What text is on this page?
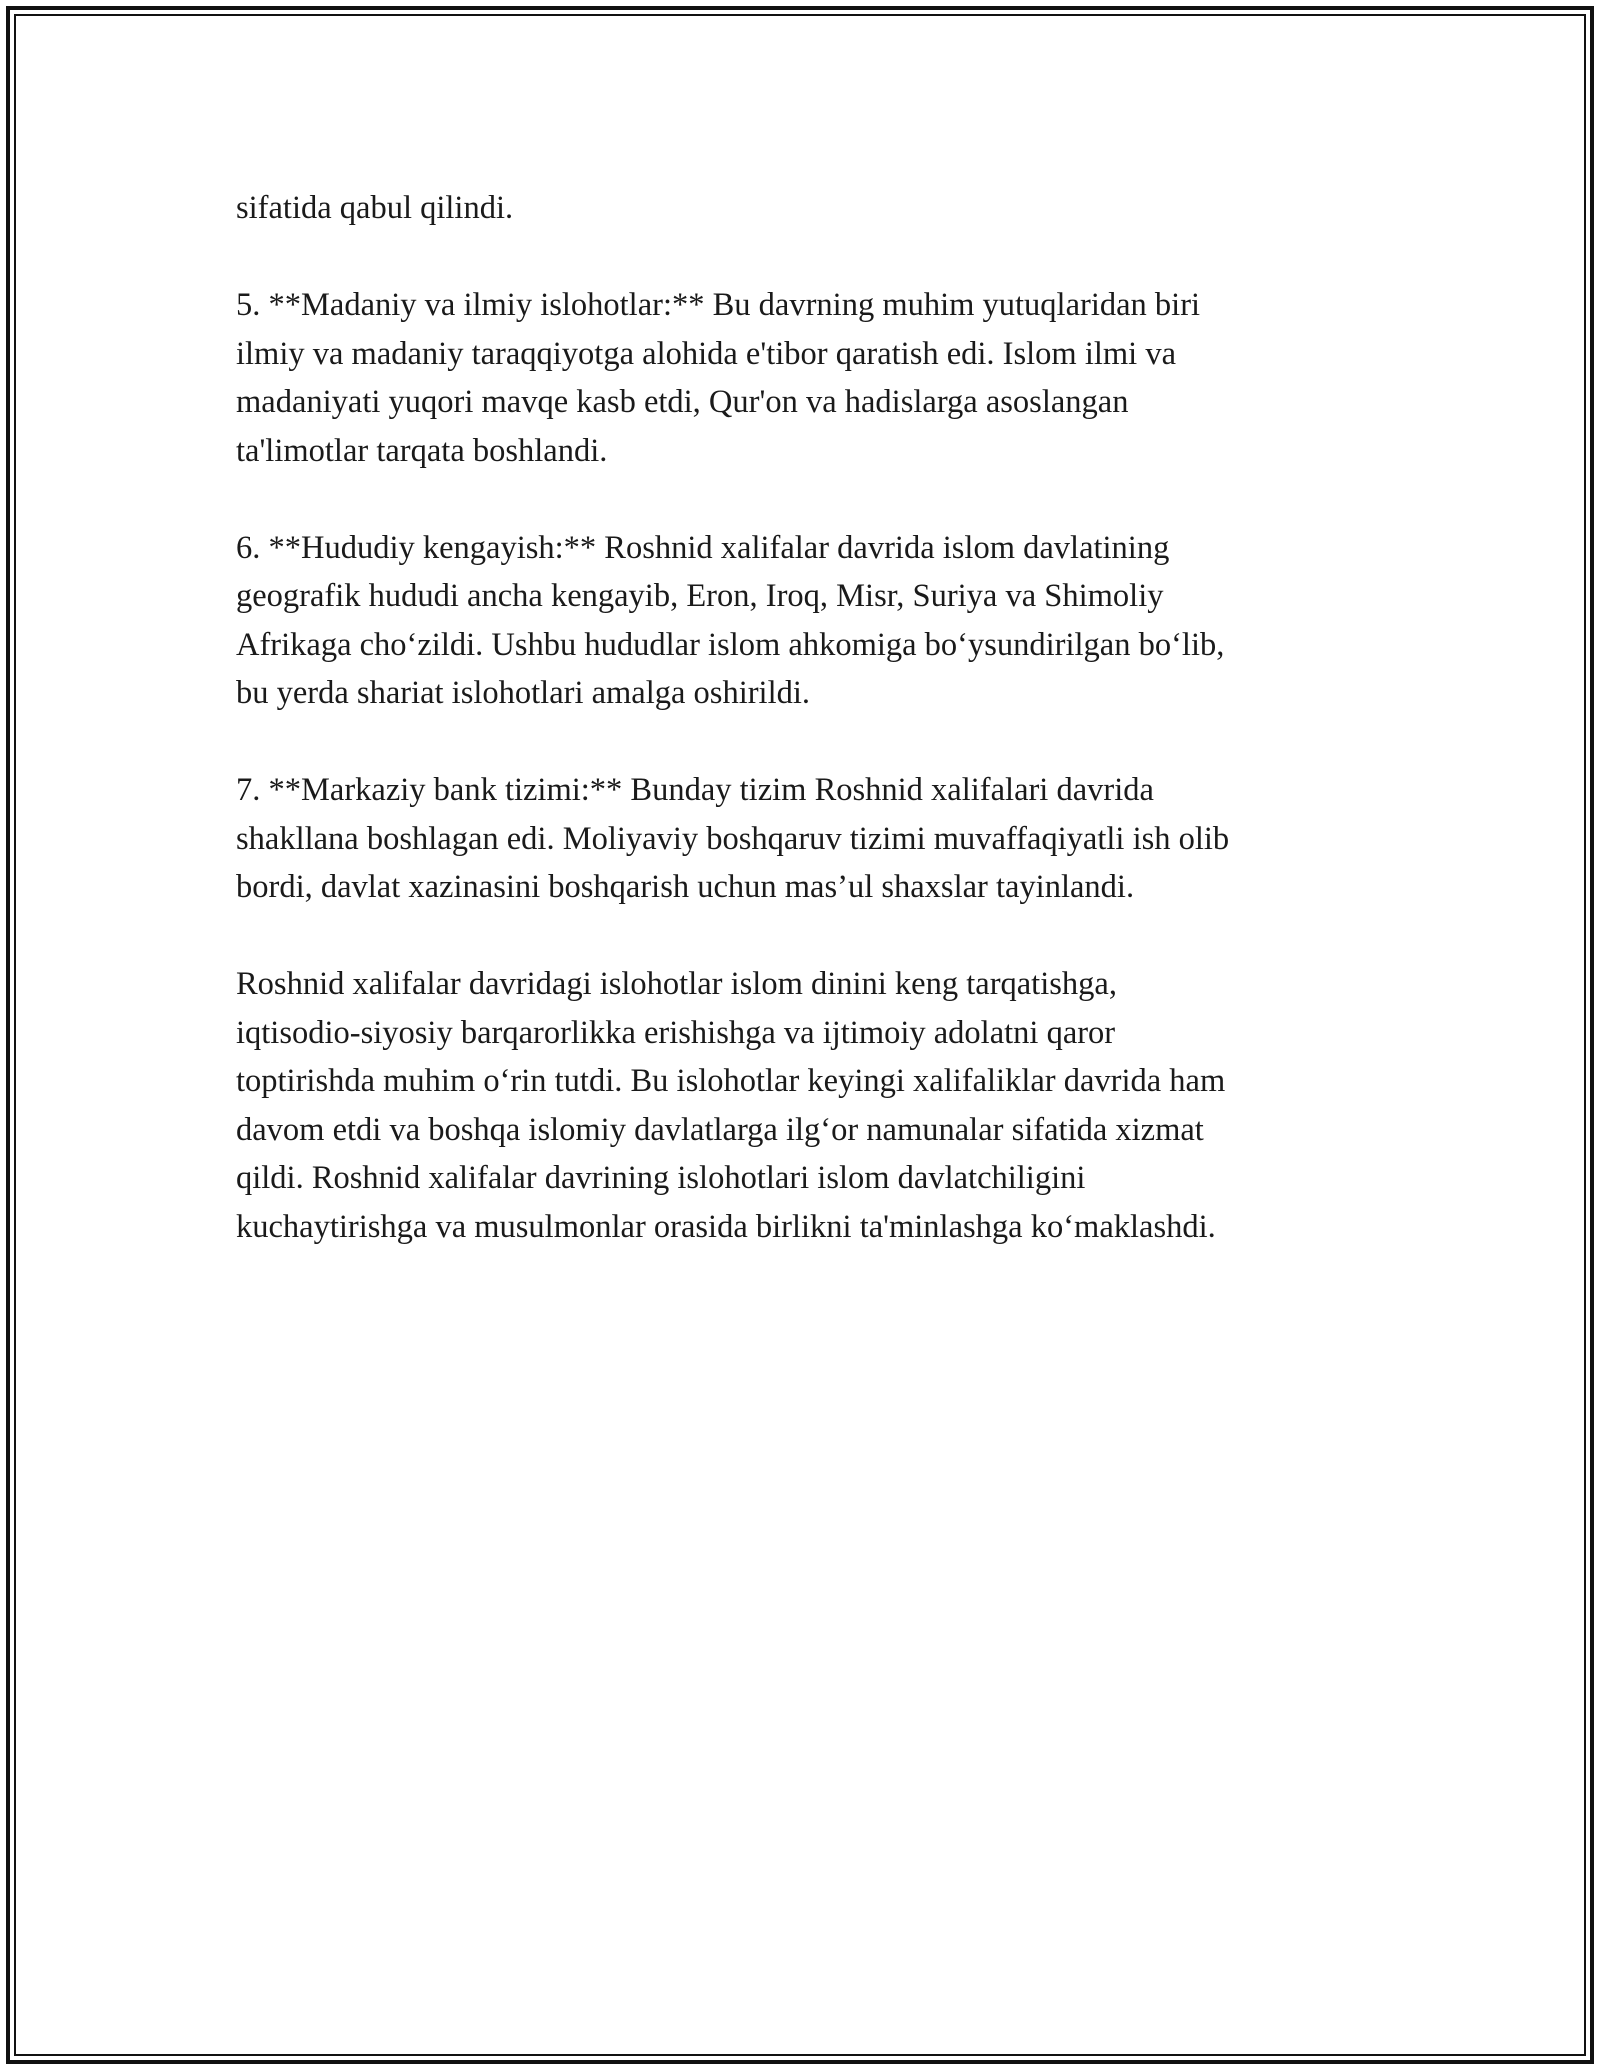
sifatida qabul qilindi.

5. **Madaniy va ilmiy islohotlar:** Bu davrning muhim yutuqlaridan biri
ilmiy va madaniy taraqqiyotga alohida e'tibor qaratish edi. Islom ilmi va
madaniyati yuqori mavqe kasb etdi, Qur'on va hadislarga asoslangan
ta'limotlar tarqata boshlandi.

6. **Hududiy kengayish:** Roshnid xalifalar davrida islom davlatining
geografik hududi ancha kengayib, Eron, Iroq, Misr, Suriya va Shimoliy
Afrikaga cho‘zildi. Ushbu hududlar islom ahkomiga bo‘ysundirilgan bo‘lib,
bu yerda shariat islohotlari amalga oshirildi.

7. **Markaziy bank tizimi:** Bunday tizim Roshnid xalifalari davrida
shakllana boshlagan edi. Moliyaviy boshqaruv tizimi muvaffaqiyatli ish olib
bordi, davlat xazinasini boshqarish uchun mas’ul shaxslar tayinlandi.

Roshnid xalifalar davridagi islohotlar islom dinini keng tarqatishga,
iqtisodio-siyosiy barqarorlikka erishishga va ijtimoiy adolatni qaror
toptirishda muhim o‘rin tutdi. Bu islohotlar keyingi xalifaliklar davrida ham
davom etdi va boshqa islomiy davlatlarga ilg‘or namunalar sifatida xizmat
qildi. Roshnid xalifalar davrining islohotlari islom davlatchiligini
kuchaytirishga va musulmonlar orasida birlikni ta'minlashga ko‘maklashdi.
